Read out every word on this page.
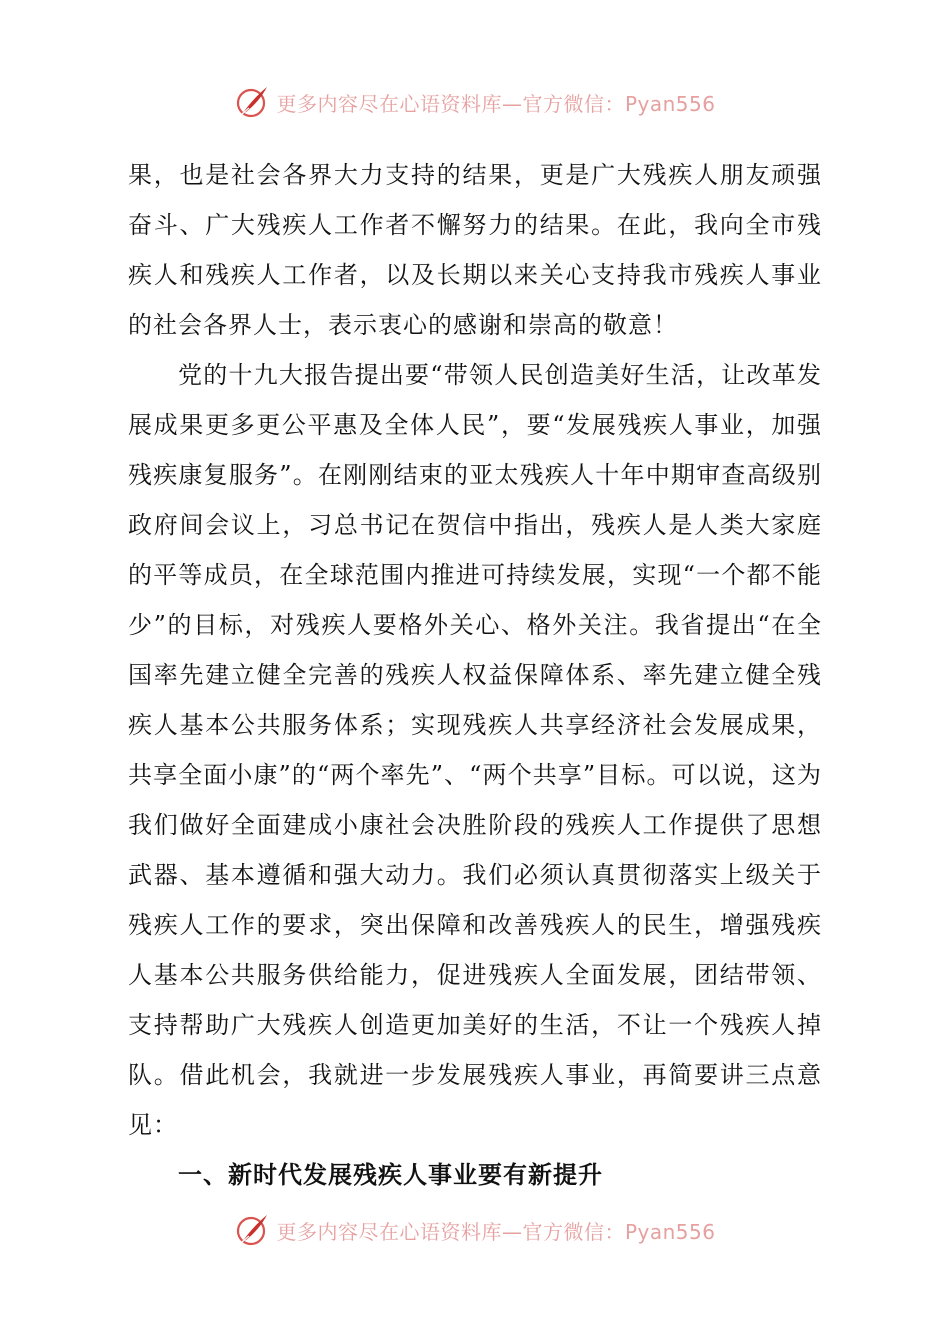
更多内容尽在心语资料库—官方微信：Pyan556

果，也是社会各界大力支持的结果，更是广大残疾人朋友顽强奋斗、广大残疾人工作者不懈努力的结果。在此，我向全市残疾人和残疾人工作者，以及长期以来关心支持我市残疾人事业的社会各界人士，表示衷心的感谢和崇高的敬意！

党的十九大报告提出要“带领人民创造美好生活，让改革发展成果更多更公平惠及全体人民”，要“发展残疾人事业，加强残疾康复服务”。在刚刚结束的亚太残疾人十年中期审查高级别政府间会议上，习总书记在贺信中指出，残疾人是人类大家庭的平等成员，在全球范围内推进可持续发展，实现“一个都不能少”的目标，对残疾人要格外关心、格外关注。我省提出“在全国率先建立健全完善的残疾人权益保障体系、率先建立健全残疾人基本公共服务体系；实现残疾人共享经济社会发展成果，共享全面小康”的“两个率先”、“两个共享”目标。可以说，这为我们做好全面建成小康社会决胜阶段的残疾人工作提供了思想武器、基本遵循和强大动力。我们必须认真贯彻落实上级关于残疾人工作的要求，突出保障和改善残疾人的民生，增强残疾人基本公共服务供给能力，促进残疾人全面发展，团结带领、支持帮助广大残疾人创造更加美好的生活，不让一个残疾人掉队。借此机会，我就进一步发展残疾人事业，再简要讲三点意见：

一、新时代发展残疾人事业要有新提升
更多内容尽在心语资料库—官方微信：Pyan556
